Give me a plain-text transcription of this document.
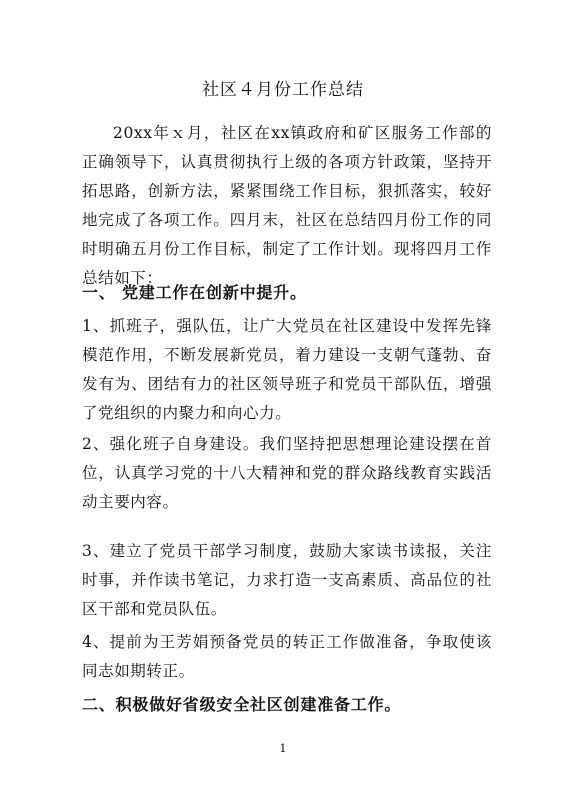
社区４月份工作总结

20xx年ｘ月，社区在xx镇政府和矿区服务工作部的正确领导下，认真贯彻执行上级的各项方针政策，坚持开拓思路，创新方法，紧紧围绕工作目标，狠抓落实，较好地完成了各项工作。四月末，社区在总结四月份工作的同时明确五月份工作目标，制定了工作计划。现将四月工作总结如下：

一、 党建工作在创新中提升。

1、抓班子，强队伍，让广大党员在社区建设中发挥先锋模范作用，不断发展新党员，着力建设一支朝气蓬勃、奋发有为、团结有力的社区领导班子和党员干部队伍，增强了党组织的内聚力和向心力。

2、强化班子自身建设。我们坚持把思想理论建设摆在首位，认真学习党的十八大精神和党的群众路线教育实践活动主要内容。

3、建立了党员干部学习制度，鼓励大家读书读报，关注时事，并作读书笔记，力求打造一支高素质、高品位的社区干部和党员队伍。

4、提前为王芳娟预备党员的转正工作做准备，争取使该同志如期转正。

二、积极做好省级安全社区创建准备工作。

1
